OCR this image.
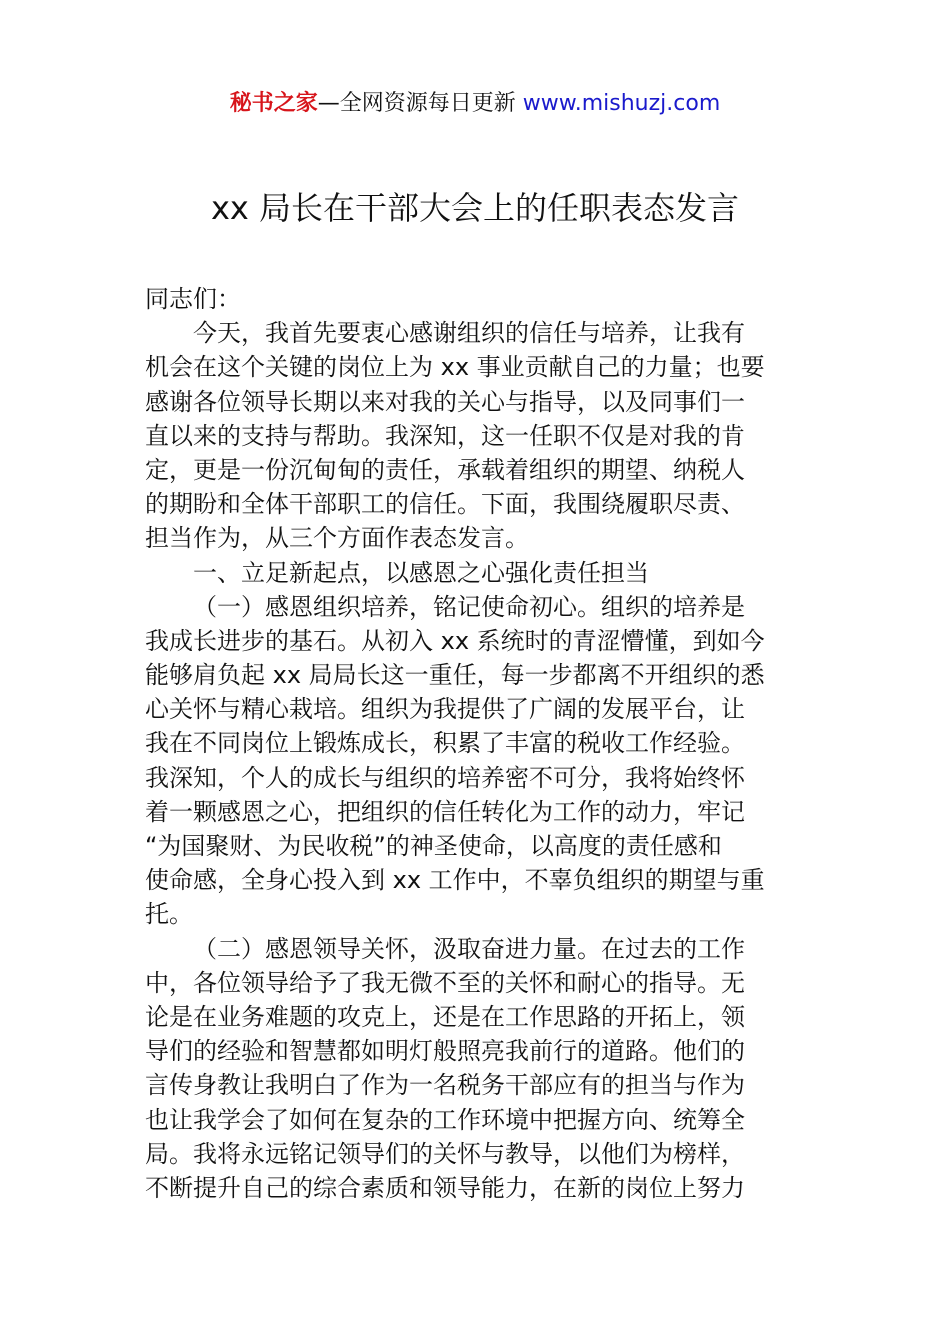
秘书之家—全网资源每日更新 www.mishuzj.com
xx 局长在干部大会上的任职表态发言
同志们：
今天，我首先要衷心感谢组织的信任与培养，让我有
机会在这个关键的岗位上为 xx 事业贡献自己的力量；也要
感谢各位领导长期以来对我的关心与指导，以及同事们一
直以来的支持与帮助。我深知，这一任职不仅是对我的肯
定，更是一份沉甸甸的责任，承载着组织的期望、纳税人
的期盼和全体干部职工的信任。下面，我围绕履职尽责、
担当作为，从三个方面作表态发言。
一、立足新起点，以感恩之心强化责任担当
（一）感恩组织培养，铭记使命初心。组织的培养是
我成长进步的基石。从初入 xx 系统时的青涩懵懂，到如今
能够肩负起 xx 局局长这一重任，每一步都离不开组织的悉
心关怀与精心栽培。组织为我提供了广阔的发展平台，让
我在不同岗位上锻炼成长，积累了丰富的税收工作经验。
我深知，个人的成长与组织的培养密不可分，我将始终怀
着一颗感恩之心，把组织的信任转化为工作的动力，牢记
“为国聚财、为民收税”的神圣使命，以高度的责任感和
使命感，全身心投入到 xx 工作中，不辜负组织的期望与重
托。
（二）感恩领导关怀，汲取奋进力量。在过去的工作
中，各位领导给予了我无微不至的关怀和耐心的指导。无
论是在业务难题的攻克上，还是在工作思路的开拓上，领
导们的经验和智慧都如明灯般照亮我前行的道路。他们的
言传身教让我明白了作为一名税务干部应有的担当与作为
也让我学会了如何在复杂的工作环境中把握方向、统筹全
局。我将永远铭记领导们的关怀与教导，以他们为榜样，
不断提升自己的综合素质和领导能力，在新的岗位上努力
